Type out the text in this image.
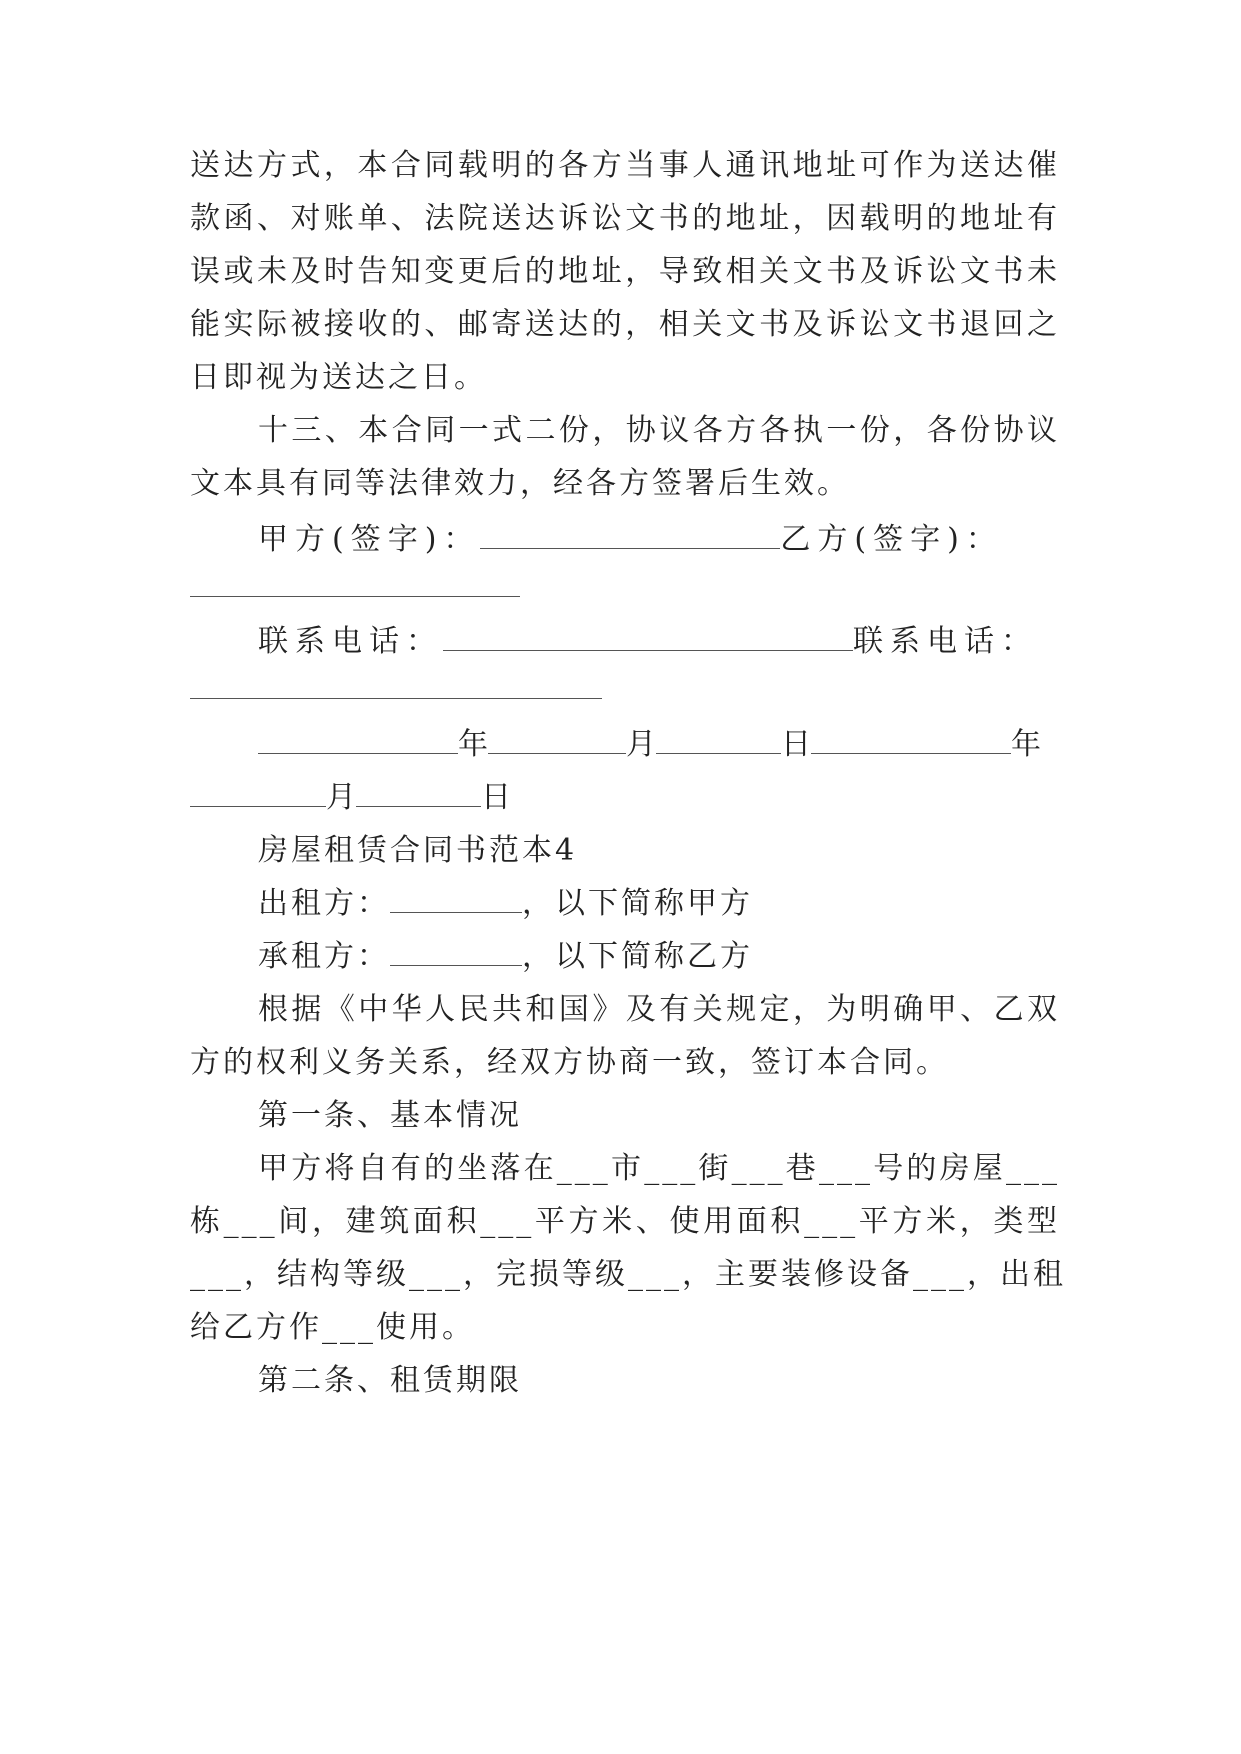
送达方式，本合同载明的各方当事人通讯地址可作为送达催
款函、对账单、法院送达诉讼文书的地址，因载明的地址有
误或未及时告知变更后的地址，导致相关文书及诉讼文书未
能实际被接收的、邮寄送达的，相关文书及诉讼文书退回之
日即视为送达之日。
十三、本合同一式二份，协议各方各执一份，各份协议
文本具有同等法律效力，经各方签署后生效。
甲方(签字)：	乙方(签字)：
联系电话：	联系电话：
年	月	日	年
月	日
房屋租赁合同书范本4
出租方：	，以下简称甲方
承租方：	，以下简称乙方
根据《中华人民共和国》及有关规定，为明确甲、乙双
方的权利义务关系，经双方协商一致，签订本合同。
第一条、基本情况
甲方将自有的坐落在___市___街___巷___号的房屋___
栋___间，建筑面积___平方米、使用面积___平方米，类型
___，结构等级___，完损等级___，主要装修设备___，出租
给乙方作___使用。
第二条、租赁期限
